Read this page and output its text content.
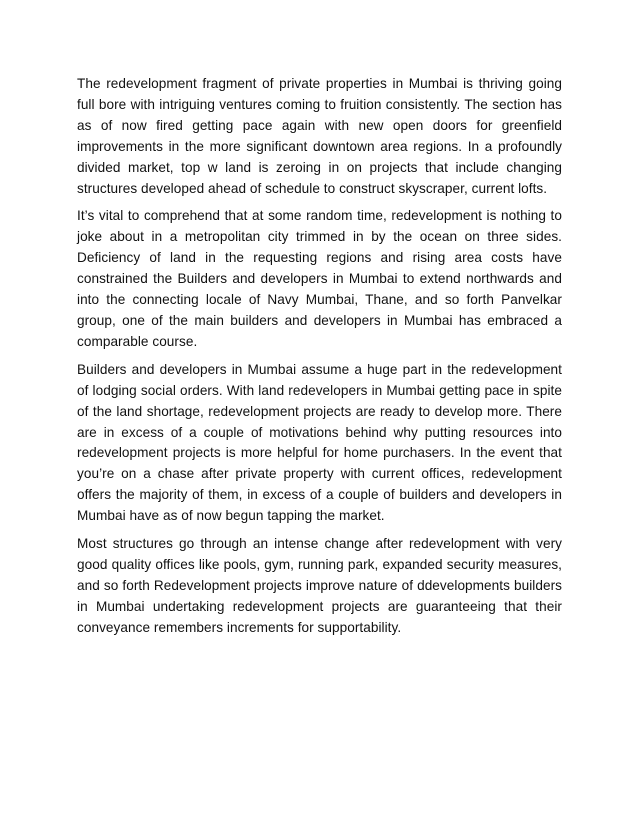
The redevelopment fragment of private properties in Mumbai is thriving going full bore with intriguing ventures coming to fruition consistently. The section has as of now fired getting pace again with new open doors for greenfield improvements in the more significant downtown area regions. In a profoundly divided market, top w land is zeroing in on projects that include changing structures developed ahead of schedule to construct skyscraper, current lofts.

It’s vital to comprehend that at some random time, redevelopment is nothing to joke about in a metropolitan city trimmed in by the ocean on three sides. Deficiency of land in the requesting regions and rising area costs have constrained the Builders and developers in Mumbai to extend northwards and into the connecting locale of Navy Mumbai, Thane, and so forth Panvelkar group, one of the main builders and developers in Mumbai has embraced a comparable course.

Builders and developers in Mumbai assume a huge part in the redevelopment of lodging social orders. With land redevelopers in Mumbai getting pace in spite of the land shortage, redevelopment projects are ready to develop more. There are in excess of a couple of motivations behind why putting resources into redevelopment projects is more helpful for home purchasers. In the event that you’re on a chase after private property with current offices, redevelopment offers the majority of them, in excess of a couple of builders and developers in Mumbai have as of now begun tapping the market.

Most structures go through an intense change after redevelopment with very good quality offices like pools, gym, running park, expanded security measures, and so forth Redevelopment projects improve nature of ddevelopments builders in Mumbai undertaking redevelopment projects are guaranteeing that their conveyance remembers increments for supportability.
